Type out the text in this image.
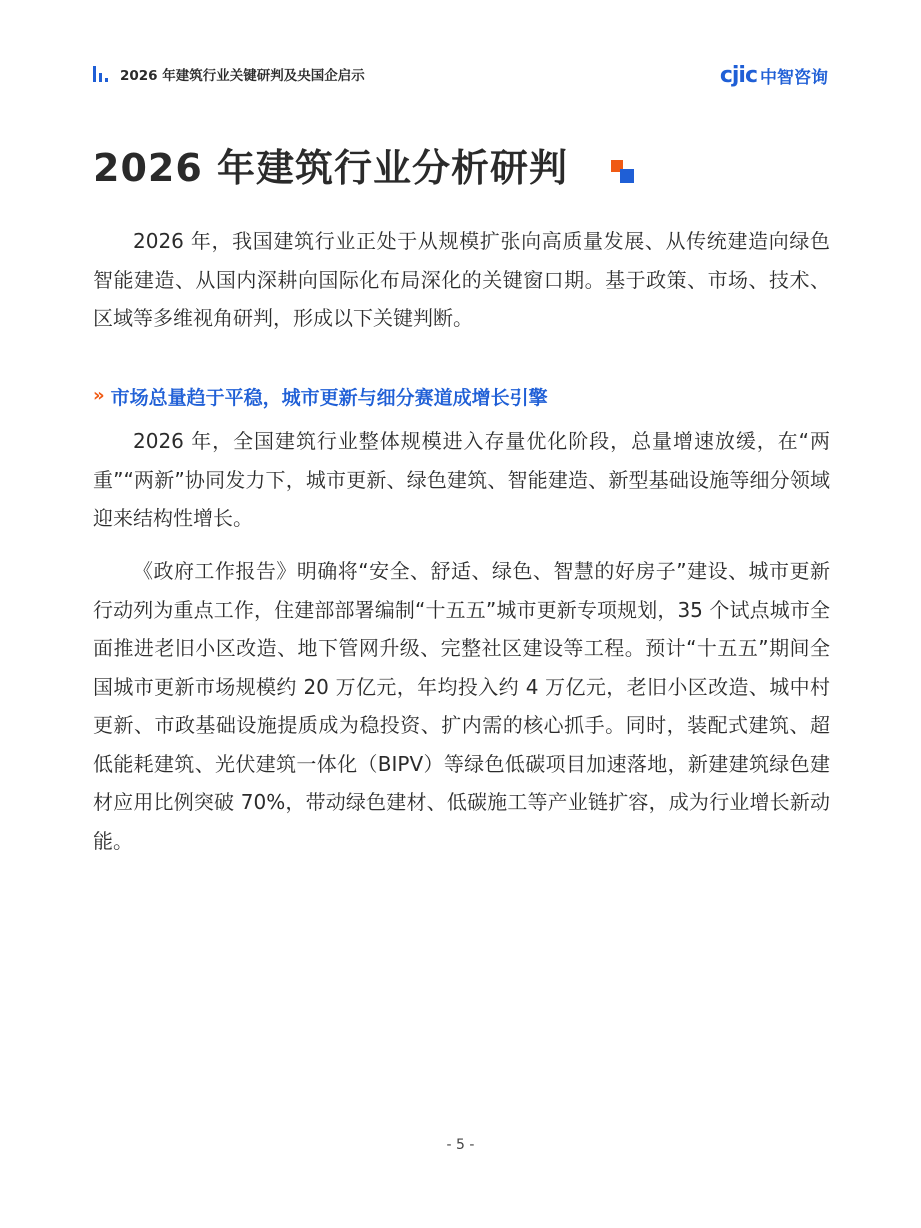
2026 年建筑行业关键研判及央国企启示	cjic 中智咨询
2026 年建筑行业分析研判

2026 年，我国建筑行业正处于从规模扩张向高质量发展、从传统建造向绿色智能建造、从国内深耕向国际化布局深化的关键窗口期。基于政策、市场、技术、区域等多维视角研判，形成以下关键判断。

» 市场总量趋于平稳，城市更新与细分赛道成增长引擎

2026 年，全国建筑行业整体规模进入存量优化阶段，总量增速放缓，在“两重”“两新”协同发力下，城市更新、绿色建筑、智能建造、新型基础设施等细分领域迎来结构性增长。

《政府工作报告》明确将“安全、舒适、绿色、智慧的好房子”建设、城市更新行动列为重点工作，住建部部署编制“十五五”城市更新专项规划，35 个试点城市全面推进老旧小区改造、地下管网升级、完整社区建设等工程。预计“十五五”期间全国城市更新市场规模约 20 万亿元，年均投入约 4 万亿元，老旧小区改造、城中村更新、市政基础设施提质成为稳投资、扩内需的核心抓手。同时，装配式建筑、超低能耗建筑、光伏建筑一体化（BIPV）等绿色低碳项目加速落地，新建建筑绿色建材应用比例突破 70%，带动绿色建材、低碳施工等产业链扩容，成为行业增长新动能。

- 5 -
